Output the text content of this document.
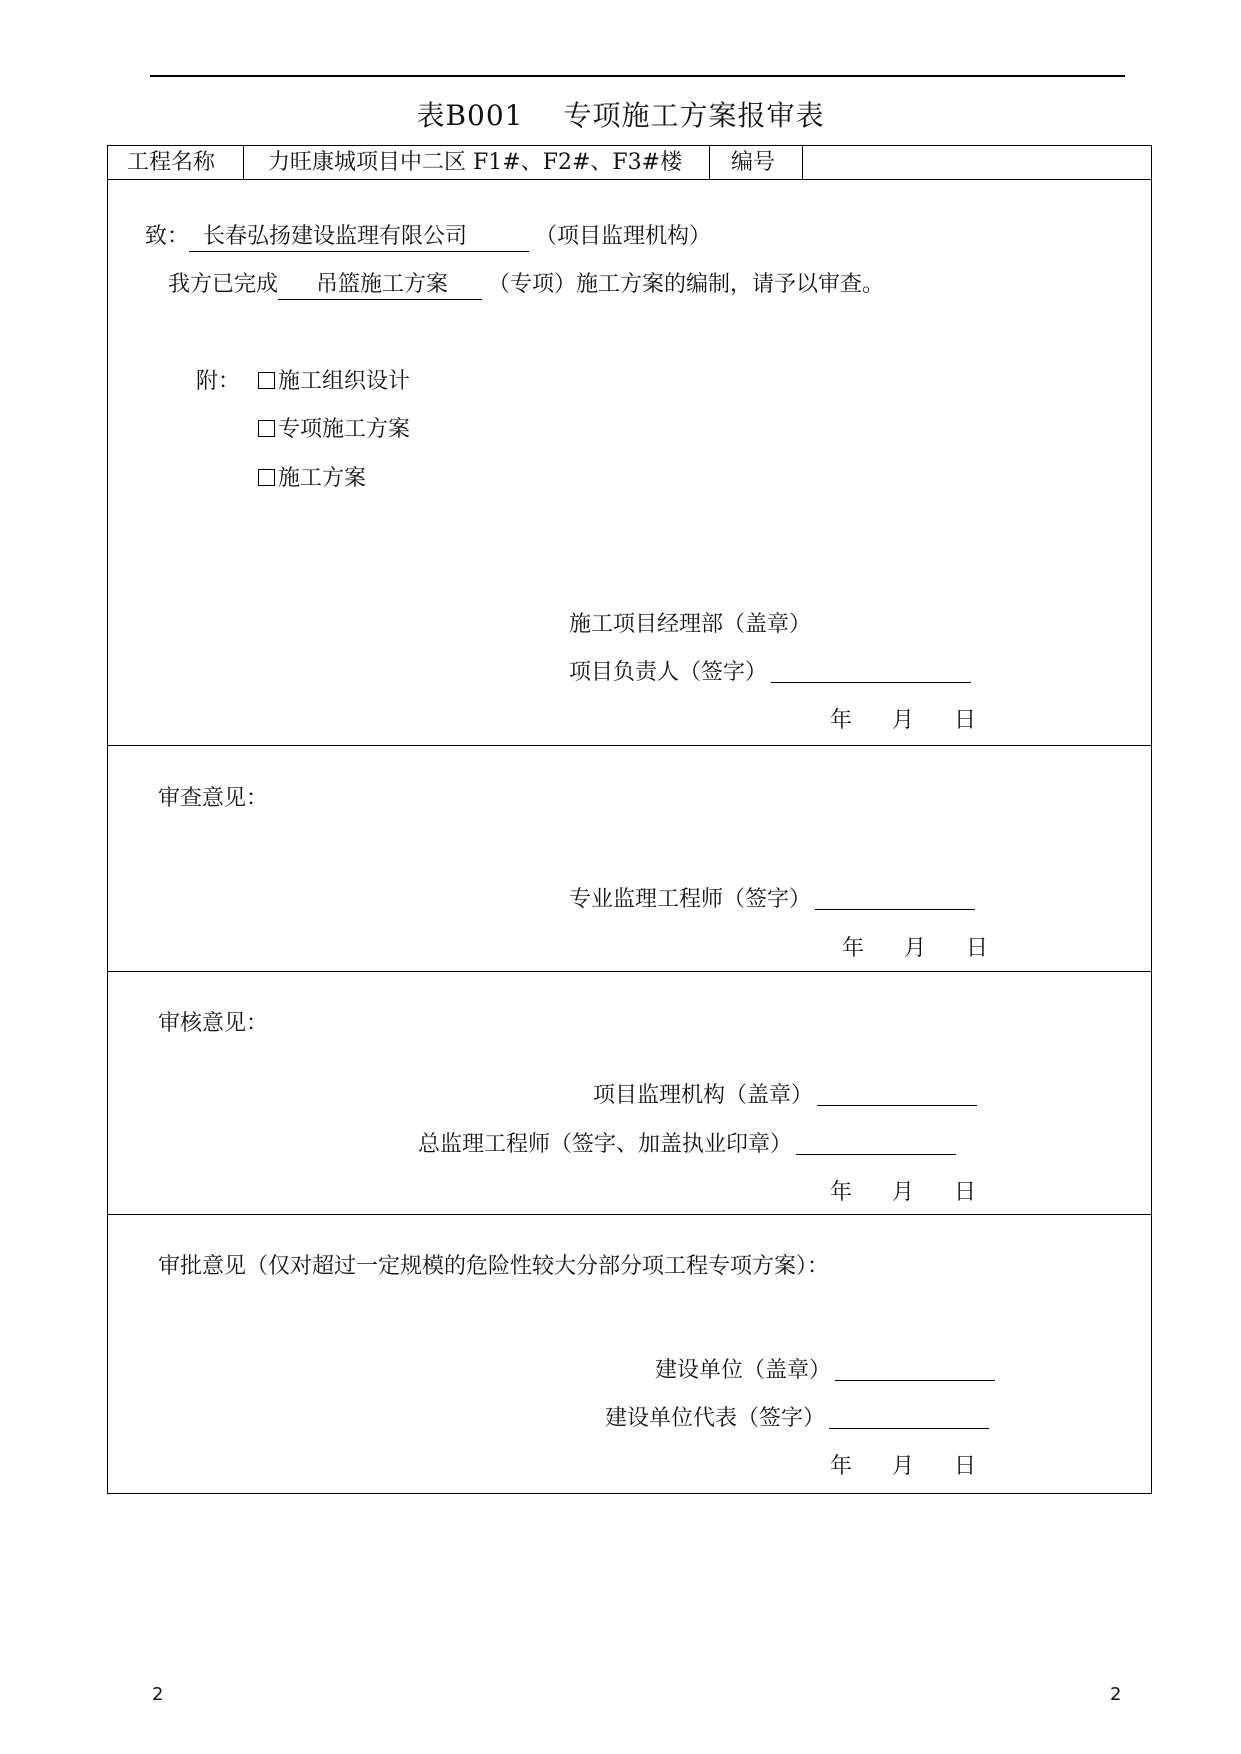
表B001 专项施工方案报审表
工程名称 力旺康城项目中二区 F1#、F2#、F3#楼 编号
致： 长春弘扬建设监理有限公司	（项目监理机构）
我方已完成 吊篮施工方案 （专项）施工方案的编制，请予以审查。
附：	施工组织设计
专项施工方案
施工方案
施工项目经理部（盖章）
项目负责人（签字）
年 月 日
审查意见：
专业监理工程师（签字）
年 月 日
审核意见：
项目监理机构（盖章）
总监理工程师（签字、加盖执业印章）
年 月 日
审批意见（仅对超过一定规模的危险性较大分部分项工程专项方案）：
建设单位（盖章）
建设单位代表（签字）
年 月 日
2	2
